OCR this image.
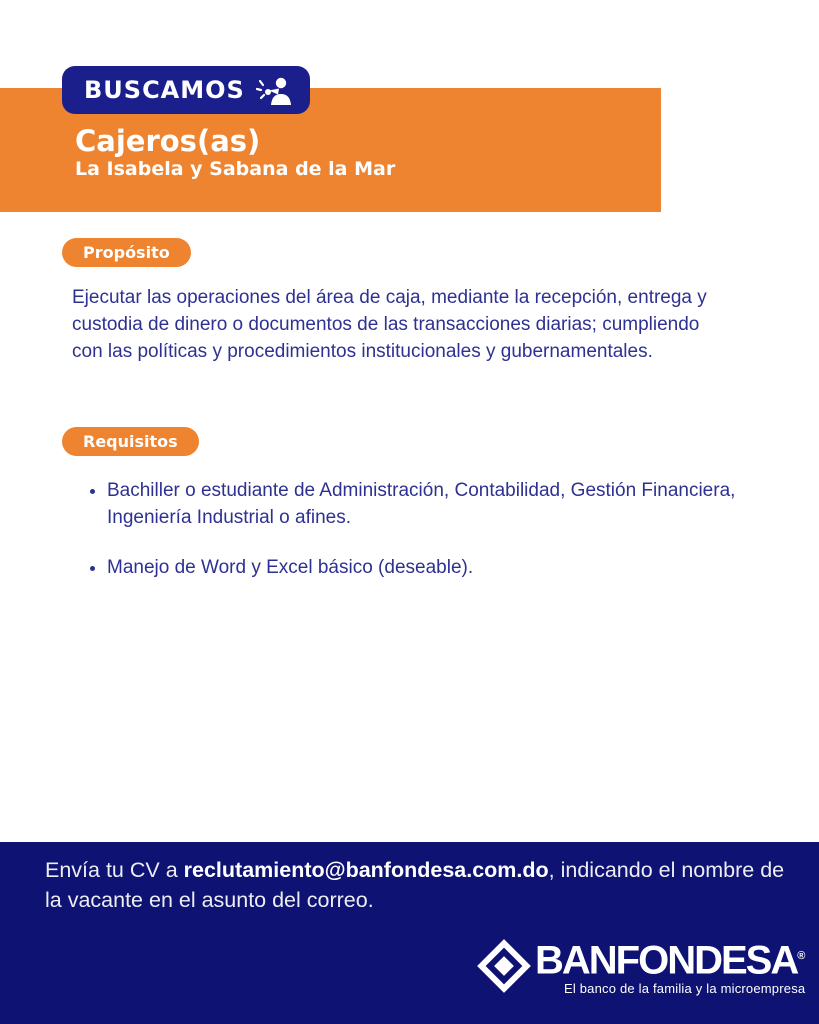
Cajeros(as)
La Isabela y Sabana de la Mar
BUSCAMOS
Propósito
Ejecutar las operaciones del área de caja, mediante la recepción, entrega y custodia de dinero o documentos de las transacciones diarias; cumpliendo con las políticas y procedimientos institucionales y gubernamentales.
Requisitos
• Bachiller o estudiante de Administración, Contabilidad, Gestión Financiera, Ingeniería Industrial o afines.
• Manejo de Word y Excel básico (deseable).
Envía tu CV a reclutamiento@banfondesa.com.do, indicando el nombre de la vacante en el asunto del correo.
BANFONDESA®
El banco de la familia y la microempresa
